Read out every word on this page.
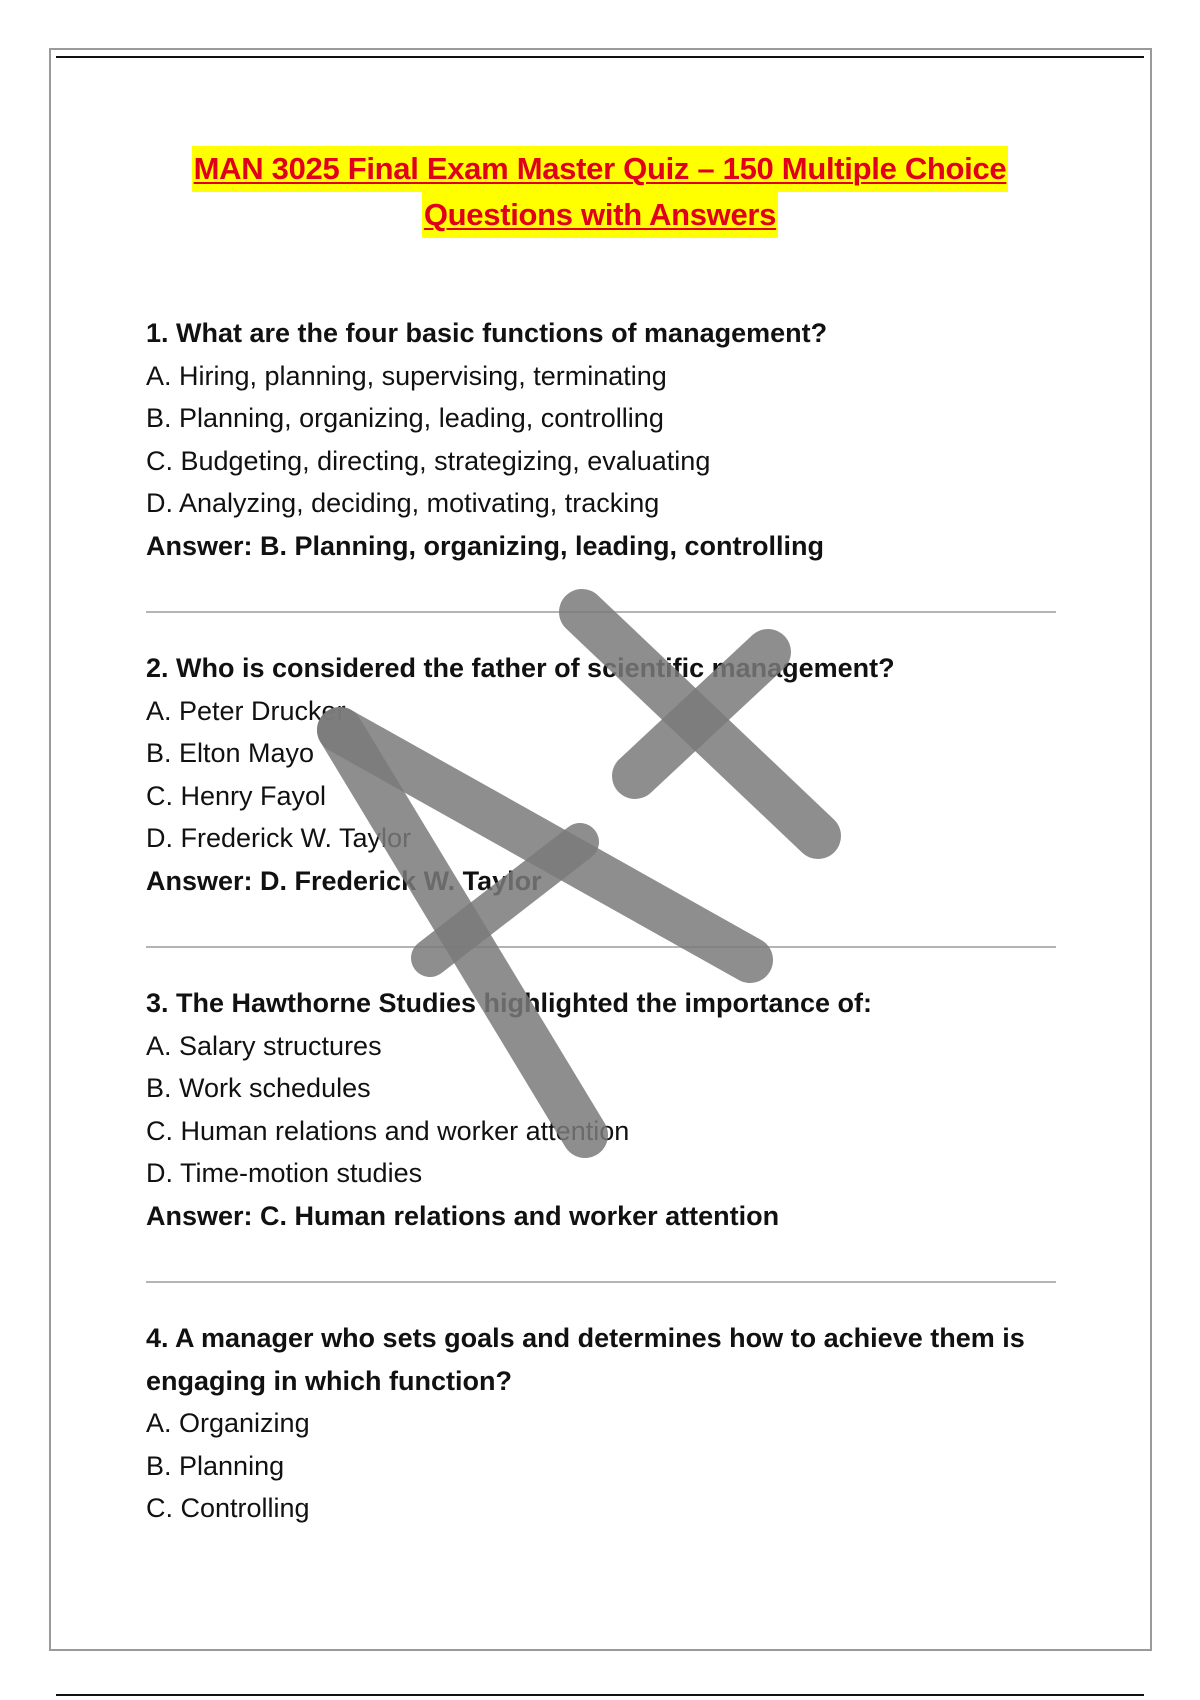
MAN 3025 Final Exam Master Quiz – 150 Multiple Choice
Questions with Answers

1. What are the four basic functions of management?

A. Hiring, planning, supervising, terminating

B. Planning, organizing, leading, controlling

C. Budgeting, directing, strategizing, evaluating

D. Analyzing, deciding, motivating, tracking

Answer: B. Planning, organizing, leading, controlling

2. Who is considered the father of scientific management?

A. Peter Drucker

B. Elton Mayo

C. Henry Fayol

D. Frederick W. Taylor

Answer: D. Frederick W. Taylor

3. The Hawthorne Studies highlighted the importance of:

A. Salary structures

B. Work schedules

C. Human relations and worker attention

D. Time-motion studies

Answer: C. Human relations and worker attention

4. A manager who sets goals and determines how to achieve them is engaging in which function?

A. Organizing

B. Planning

C. Controlling
